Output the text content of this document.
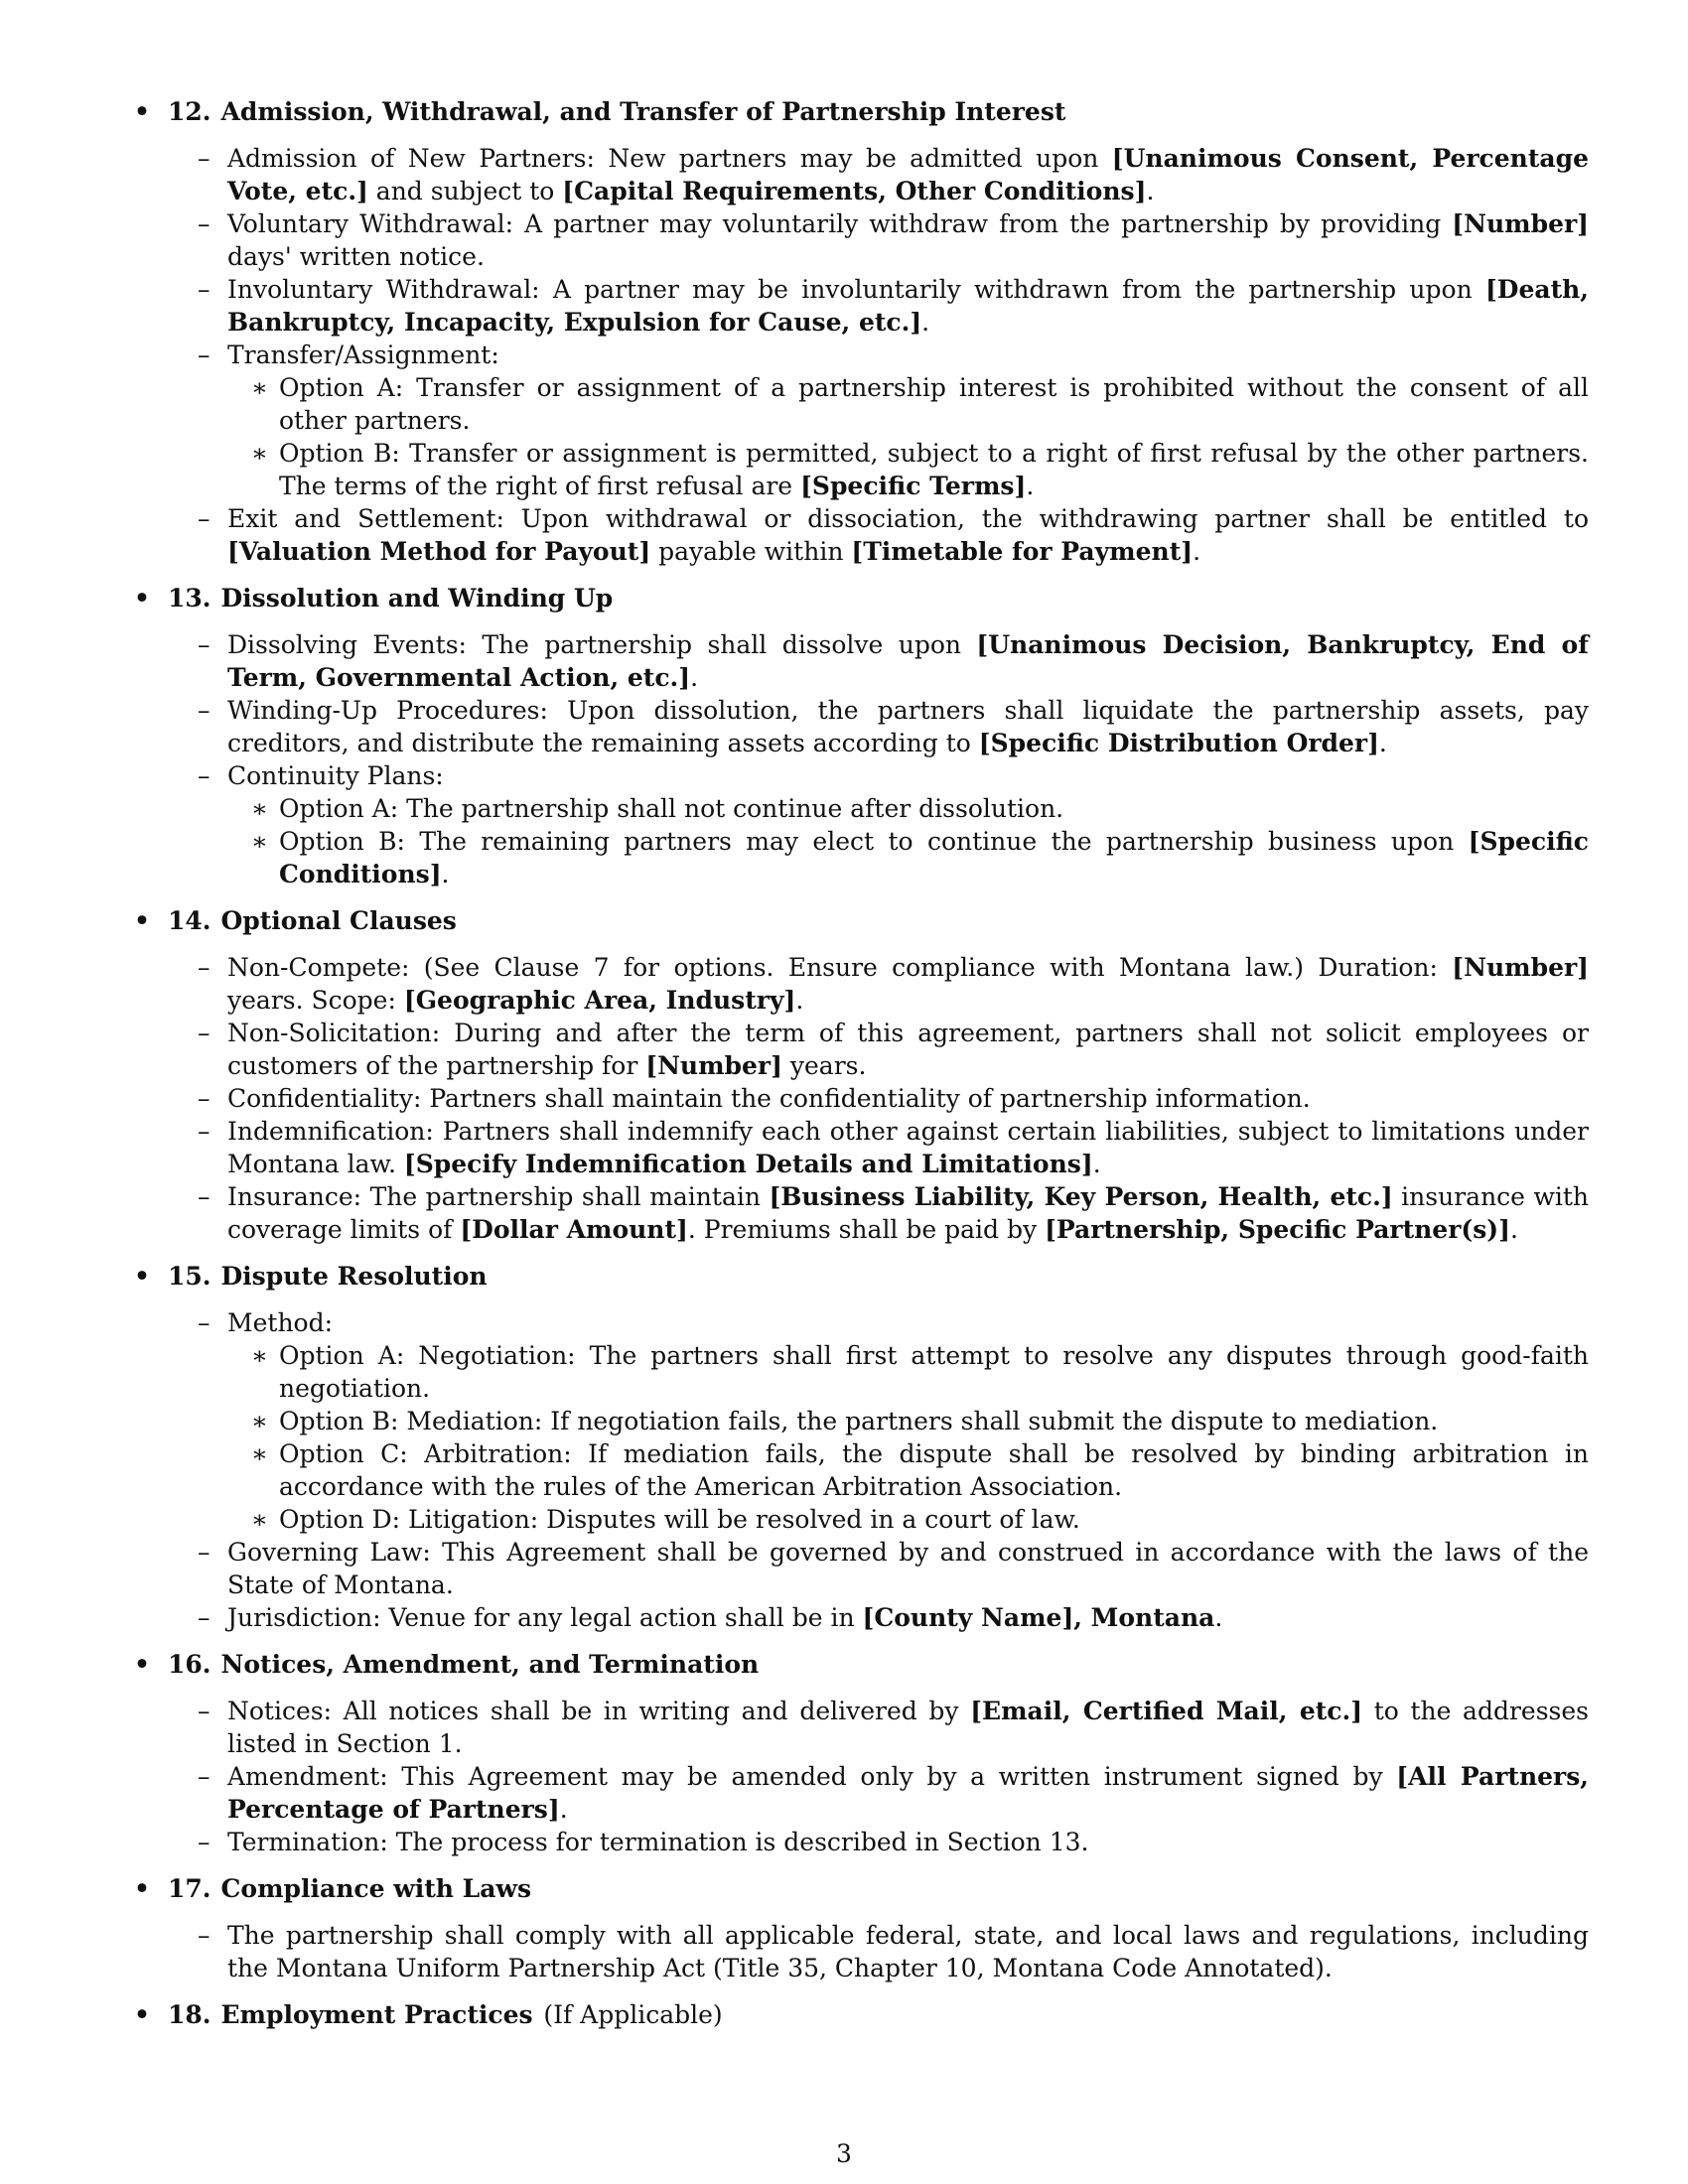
• 12. Admission, Withdrawal, and Transfer of Partnership Interest
– Admission of New Partners: New partners may be admitted upon [Unanimous Consent, Percentage Vote, etc.] and subject to [Capital Requirements, Other Conditions].
– Voluntary Withdrawal: A partner may voluntarily withdraw from the partnership by providing [Number] days' written notice.
– Involuntary Withdrawal: A partner may be involuntarily withdrawn from the partnership upon [Death, Bankruptcy, Incapacity, Expulsion for Cause, etc.].
– Transfer/Assignment:
∗ Option A: Transfer or assignment of a partnership interest is prohibited without the consent of all other partners.
∗ Option B: Transfer or assignment is permitted, subject to a right of first refusal by the other partners. The terms of the right of first refusal are [Specific Terms].
– Exit and Settlement: Upon withdrawal or dissociation, the withdrawing partner shall be entitled to [Valuation Method for Payout] payable within [Timetable for Payment].
• 13. Dissolution and Winding Up
– Dissolving Events: The partnership shall dissolve upon [Unanimous Decision, Bankruptcy, End of Term, Governmental Action, etc.].
– Winding-Up Procedures: Upon dissolution, the partners shall liquidate the partnership assets, pay creditors, and distribute the remaining assets according to [Specific Distribution Order].
– Continuity Plans:
∗ Option A: The partnership shall not continue after dissolution.
∗ Option B: The remaining partners may elect to continue the partnership business upon [Specific Conditions].
• 14. Optional Clauses
– Non-Compete: (See Clause 7 for options. Ensure compliance with Montana law.) Duration: [Number] years. Scope: [Geographic Area, Industry].
– Non-Solicitation: During and after the term of this agreement, partners shall not solicit employees or customers of the partnership for [Number] years.
– Confidentiality: Partners shall maintain the confidentiality of partnership information.
– Indemnification: Partners shall indemnify each other against certain liabilities, subject to limitations under Montana law. [Specify Indemnification Details and Limitations].
– Insurance: The partnership shall maintain [Business Liability, Key Person, Health, etc.] insurance with coverage limits of [Dollar Amount]. Premiums shall be paid by [Partnership, Specific Partner(s)].
• 15. Dispute Resolution
– Method:
∗ Option A: Negotiation: The partners shall first attempt to resolve any disputes through good-faith negotiation.
∗ Option B: Mediation: If negotiation fails, the partners shall submit the dispute to mediation.
∗ Option C: Arbitration: If mediation fails, the dispute shall be resolved by binding arbitration in accordance with the rules of the American Arbitration Association.
∗ Option D: Litigation: Disputes will be resolved in a court of law.
– Governing Law: This Agreement shall be governed by and construed in accordance with the laws of the State of Montana.
– Jurisdiction: Venue for any legal action shall be in [County Name], Montana.
• 16. Notices, Amendment, and Termination
– Notices: All notices shall be in writing and delivered by [Email, Certified Mail, etc.] to the addresses listed in Section 1.
– Amendment: This Agreement may be amended only by a written instrument signed by [All Partners, Percentage of Partners].
– Termination: The process for termination is described in Section 13.
• 17. Compliance with Laws
– The partnership shall comply with all applicable federal, state, and local laws and regulations, including the Montana Uniform Partnership Act (Title 35, Chapter 10, Montana Code Annotated).
• 18. Employment Practices (If Applicable)
3
